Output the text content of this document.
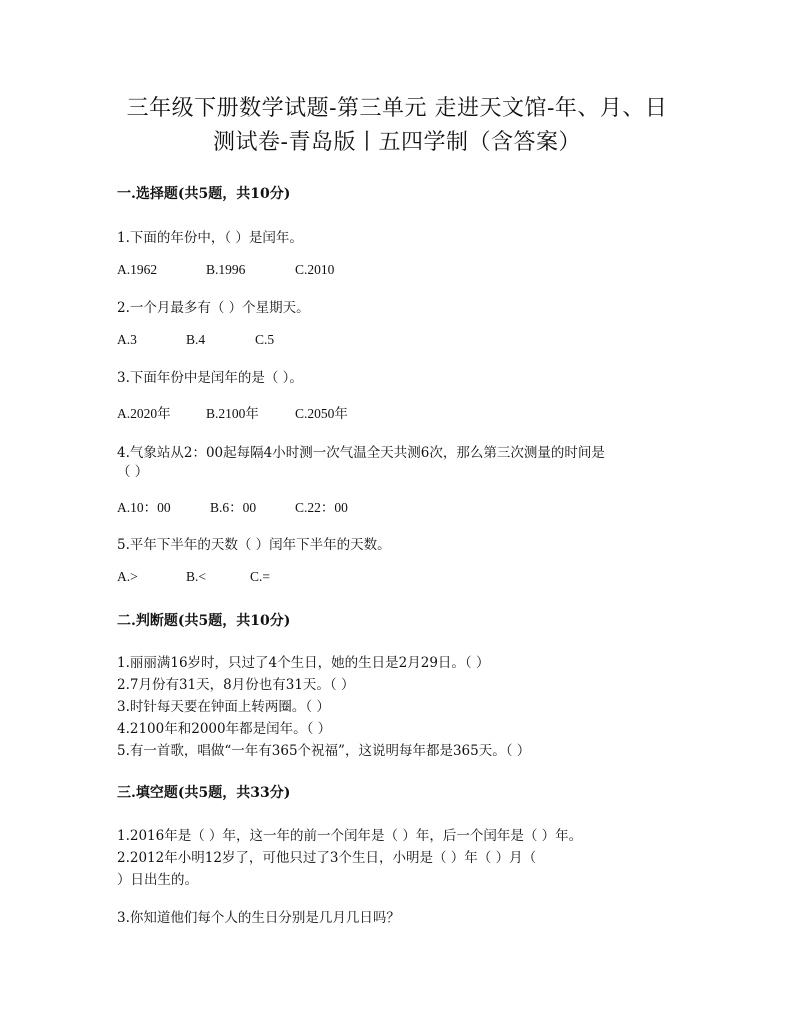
三年级下册数学试题-第三单元 走进天文馆-年、月、日
测试卷-青岛版丨五四学制（含答案）
一.选择题(共5题，共10分)
1.下面的年份中，（ ）是闰年。
A.1962	B.1996	C.2010
2.一个月最多有（ ）个星期天。
A.3	B.4	C.5
3.下面年份中是闰年的是（ ）。
A.2020年	B.2100年	C.2050年
4.气象站从2：00起每隔4小时测一次气温全天共测6次，那么第三次测量的时间是
（ ）
A.10：00	B.6：00	C.22：00
5.平年下半年的天数（ ）闰年下半年的天数。
A.>	B.<	C.=
二.判断题(共5题，共10分)
1.丽丽满16岁时，只过了4个生日，她的生日是2月29日。（ ）
2.7月份有31天，8月份也有31天。（ ）
3.时针每天要在钟面上转两圈。（ ）
4.2100年和2000年都是闰年。（ ）
5.有一首歌，唱做“一年有365个祝福”，这说明每年都是365天。（ ）
三.填空题(共5题，共33分)
1.2016年是（ ）年，这一年的前一个闰年是（ ）年，后一个闰年是（ ）年。
2.2012年小明12岁了，可他只过了3个生日，小明是（ ）年（ ）月（
）日出生的。
3.你知道他们每个人的生日分别是几月几日吗？
